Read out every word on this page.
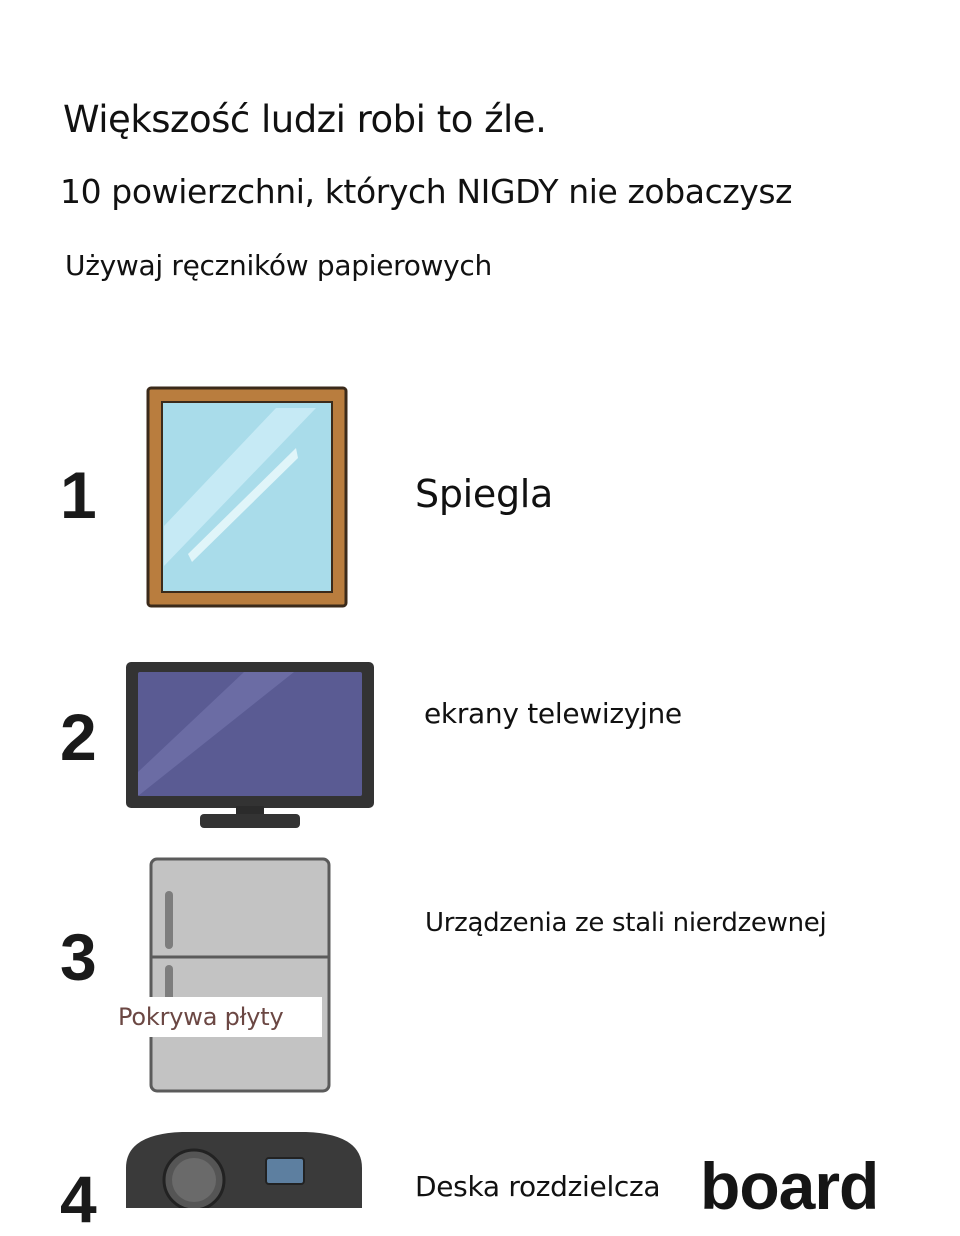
Większość ludzi robi to źle.
10 powierzchni, których NIGDY nie zobaczysz
Używaj ręczników papierowych
1	Spiegla
2	ekrany telewizyjne
3	Urządzenia ze stali nierdzewnej
Pokrywa płyty
4	board
Deska rozdzielcza
